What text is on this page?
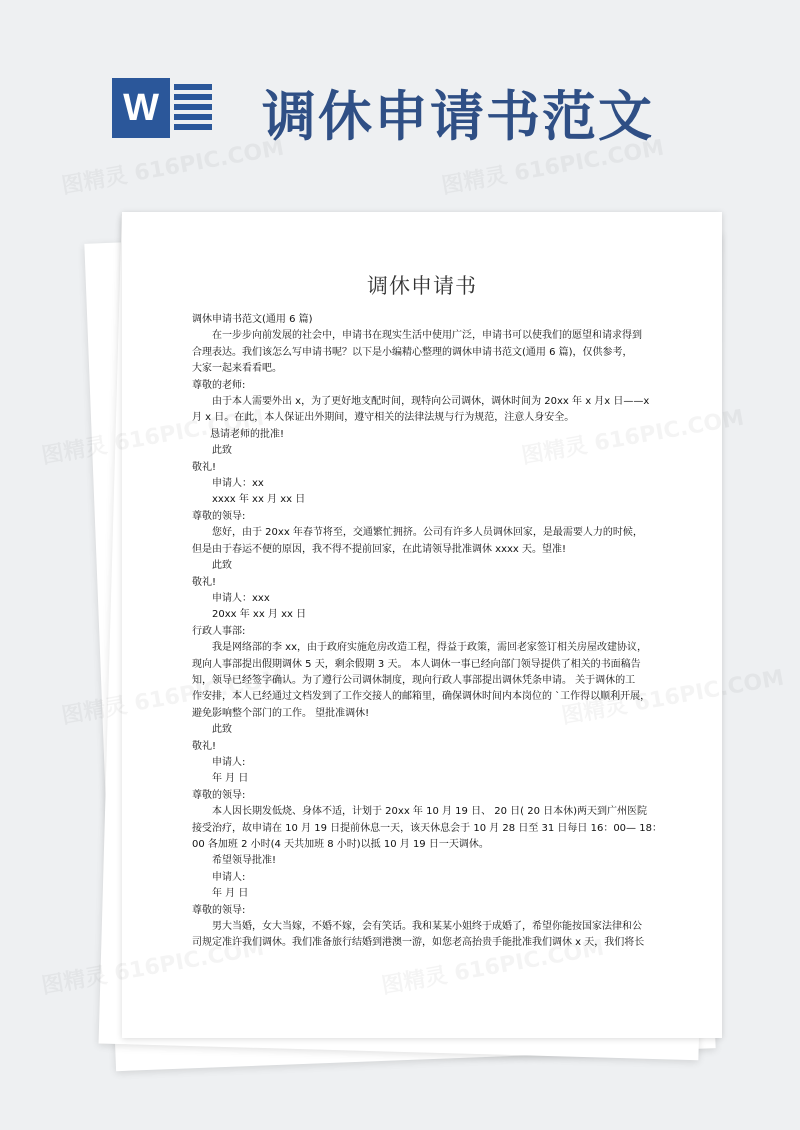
W 调休申请书范文
调休申请书
调休申请书范文(通用 6 篇)
在一步步向前发展的社会中，申请书在现实生活中使用广泛，申请书可以使我们的愿望和请求得到
合理表达。我们该怎么写申请书呢？以下是小编精心整理的调休申请书范文(通用 6 篇)，仅供参考，
大家一起来看看吧。
尊敬的老师:
由于本人需要外出 x，为了更好地支配时间，现特向公司调休，调休时间为 20xx 年 x 月x 日——x
月 x 日。在此，本人保证出外期间，遵守相关的法律法规与行为规范，注意人身安全。
恳请老师的批准!
此致
敬礼!
申请人：xx
xxxx 年 xx 月 xx 日
尊敬的领导:
您好，由于 20xx 年春节将至，交通繁忙拥挤。公司有许多人员调休回家，是最需要人力的时候，
但是由于春运不便的原因，我不得不提前回家，在此请领导批准调休 xxxx 天。望准!
此致
敬礼!
申请人：xxx
20xx 年 xx 月 xx 日
行政人事部:
我是网络部的李 xx，由于政府实施危房改造工程，得益于政策，需回老家签订相关房屋改建协议，
现向人事部提出假期调休 5 天，剩余假期 3 天。 本人调休一事已经向部门领导提供了相关的书面稿告
知，领导已经签字确认。为了遵行公司调休制度，现向行政人事部提出调休凭条申请。 关于调休的工
作安排，本人已经通过文档发到了工作交接人的邮箱里，确保调休时间内本岗位的 `工作得以顺利开展，
避免影响整个部门的工作。 望批准调休!
此致
敬礼!
申请人:
年 月 日
尊敬的领导:
本人因长期发低烧、身体不适，计划于 20xx 年 10 月 19 日、 20 日( 20 日本休)两天到广州医院
接受治疗，故申请在 10 月 19 日提前休息一天，该天休息会于 10 月 28 日至 31 日每日 16：00— 18：
00 各加班 2 小时(4 天共加班 8 小时)以抵 10 月 19 日一天调休。
希望领导批准!
申请人:
年 月 日
尊敬的领导:
男大当婚，女大当嫁，不婚不嫁，会有笑话。我和某某小姐终于成婚了，希望你能按国家法律和公
司规定准许我们调休。我们准备旅行结婚到港澳一游，如您老高抬贵手能批准我们调休 x 天，我们将长
